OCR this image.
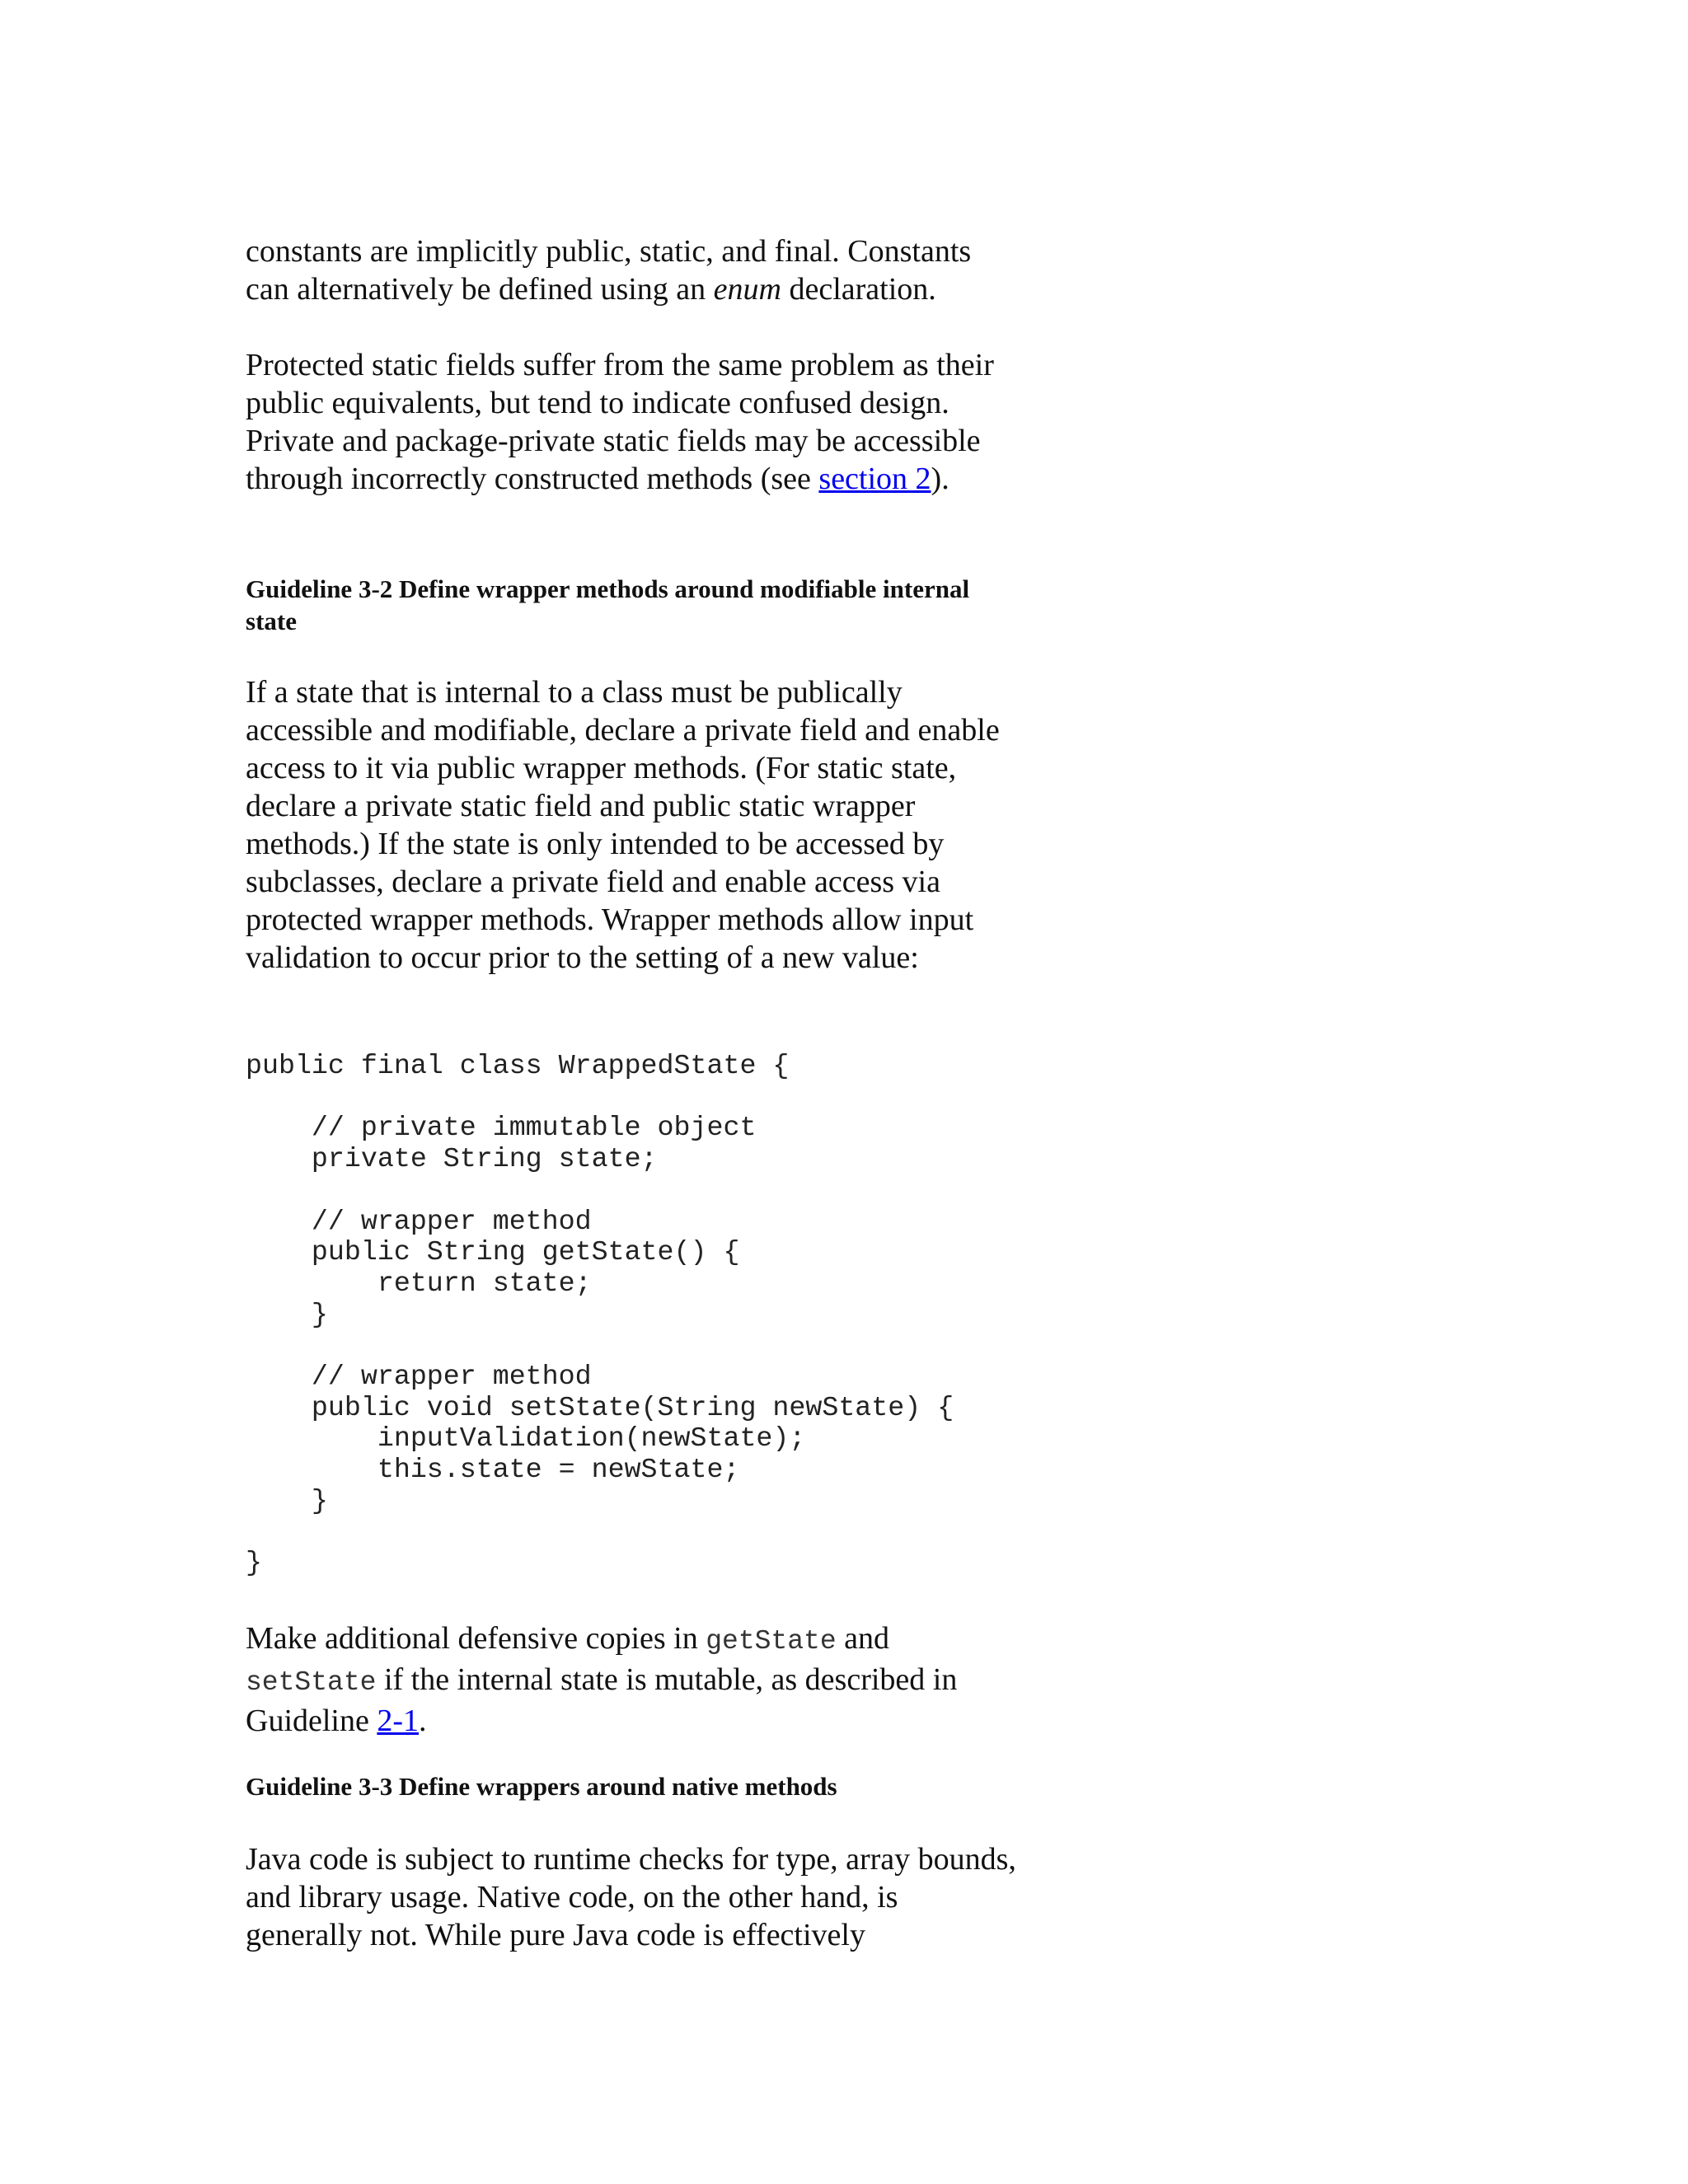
constants are implicitly public, static, and final. Constants can alternatively be defined using an enum declaration.

Protected static fields suffer from the same problem as their public equivalents, but tend to indicate confused design. Private and package-private static fields may be accessible through incorrectly constructed methods (see section 2).

Guideline 3-2 Define wrapper methods around modifiable internal state

If a state that is internal to a class must be publically accessible and modifiable, declare a private field and enable access to it via public wrapper methods. (For static state, declare a private static field and public static wrapper methods.) If the state is only intended to be accessed by subclasses, declare a private field and enable access via protected wrapper methods. Wrapper methods allow input validation to occur prior to the setting of a new value:

public final class WrappedState {

// private immutable object
private String state;

// wrapper method
public String getState() {
return state;
}

// wrapper method
public void setState(String newState) {
inputValidation(newState);
this.state = newState;
}

}

Make additional defensive copies in getState and setState if the internal state is mutable, as described in Guideline 2-1.

Guideline 3-3 Define wrappers around native methods

Java code is subject to runtime checks for type, array bounds, and library usage. Native code, on the other hand, is generally not. While pure Java code is effectively
